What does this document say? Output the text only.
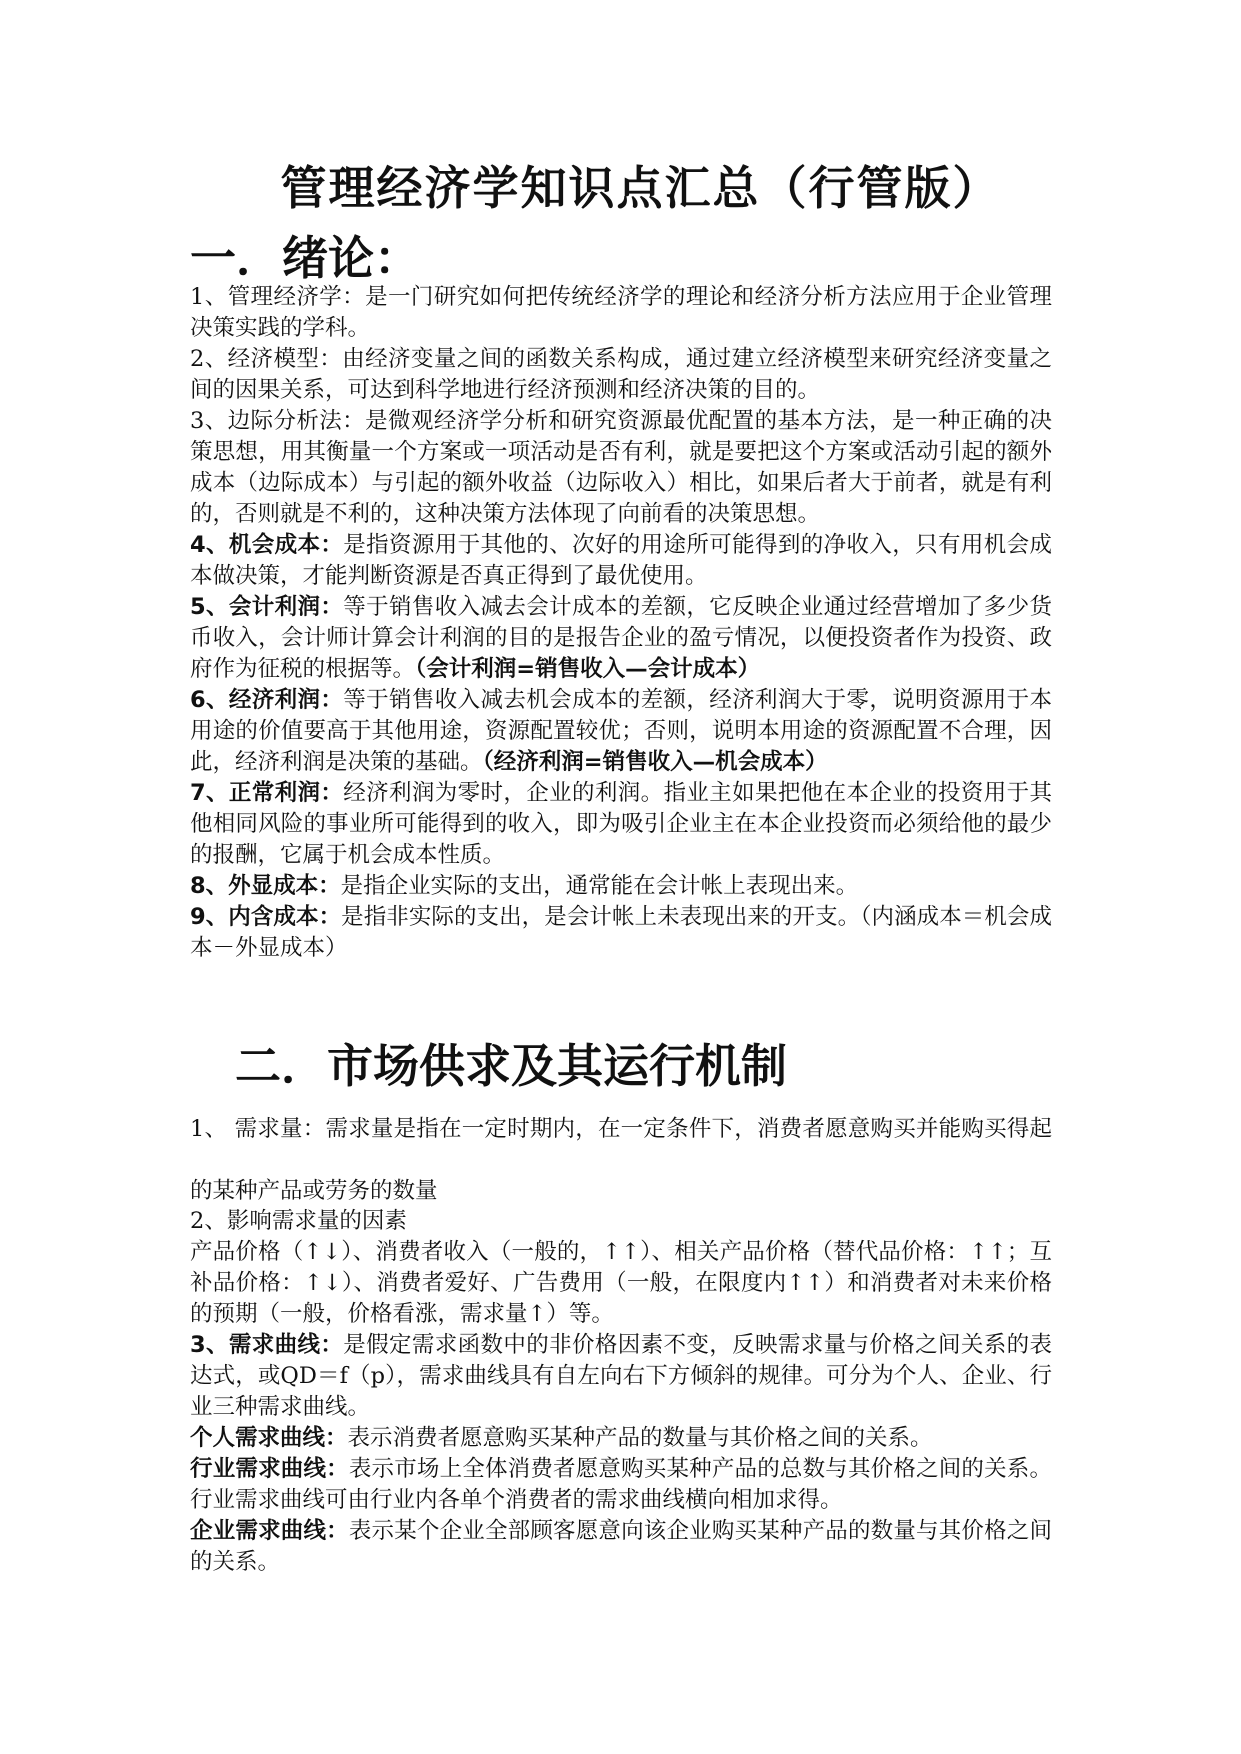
管理经济学知识点汇总（行管版）
一．绪论：

1、管理经济学：是一门研究如何把传统经济学的理论和经济分析方法应用于企业管理决策实践的学科。

2、经济模型：由经济变量之间的函数关系构成，通过建立经济模型来研究经济变量之间的因果关系，可达到科学地进行经济预测和经济决策的目的。

3、边际分析法：是微观经济学分析和研究资源最优配置的基本方法，是一种正确的决策思想，用其衡量一个方案或一项活动是否有利，就是要把这个方案或活动引起的额外成本（边际成本）与引起的额外收益（边际收入）相比，如果后者大于前者，就是有利的，否则就是不利的，这种决策方法体现了向前看的决策思想。

4、机会成本：是指资源用于其他的、次好的用途所可能得到的净收入，只有用机会成本做决策，才能判断资源是否真正得到了最优使用。

5、会计利润：等于销售收入减去会计成本的差额，它反映企业通过经营增加了多少货币收入，会计师计算会计利润的目的是报告企业的盈亏情况，以便投资者作为投资、政府作为征税的根据等。（会计利润=销售收入—会计成本）

6、经济利润：等于销售收入减去机会成本的差额，经济利润大于零，说明资源用于本用途的价值要高于其他用途，资源配置较优；否则，说明本用途的资源配置不合理，因此，经济利润是决策的基础。（经济利润=销售收入—机会成本）

7、正常利润：经济利润为零时，企业的利润。指业主如果把他在本企业的投资用于其他相同风险的事业所可能得到的收入，即为吸引企业主在本企业投资而必须给他的最少的报酬，它属于机会成本性质。

8、外显成本：是指企业实际的支出，通常能在会计帐上表现出来。

9、内含成本：是指非实际的支出，是会计帐上未表现出来的开支。（内涵成本＝机会成本－外显成本）

二．市场供求及其运行机制

1、 需求量：需求量是指在一定时期内，在一定条件下，消费者愿意购买并能购买得起的某种产品或劳务的数量

2、影响需求量的因素

产品价格（↑↓）、消费者收入（一般的，↑↑）、相关产品价格（替代品价格：↑↑；互补品价格：↑↓）、消费者爱好、广告费用（一般，在限度内↑↑）和消费者对未来价格的预期（一般，价格看涨，需求量↑）等。

3、需求曲线：是假定需求函数中的非价格因素不变，反映需求量与价格之间关系的表达式，或QD＝f（p），需求曲线具有自左向右下方倾斜的规律。可分为个人、企业、行业三种需求曲线。

个人需求曲线：表示消费者愿意购买某种产品的数量与其价格之间的关系。

行业需求曲线：表示市场上全体消费者愿意购买某种产品的总数与其价格之间的关系。行业需求曲线可由行业内各单个消费者的需求曲线横向相加求得。

企业需求曲线：表示某个企业全部顾客愿意向该企业购买某种产品的数量与其价格之间的关系。
